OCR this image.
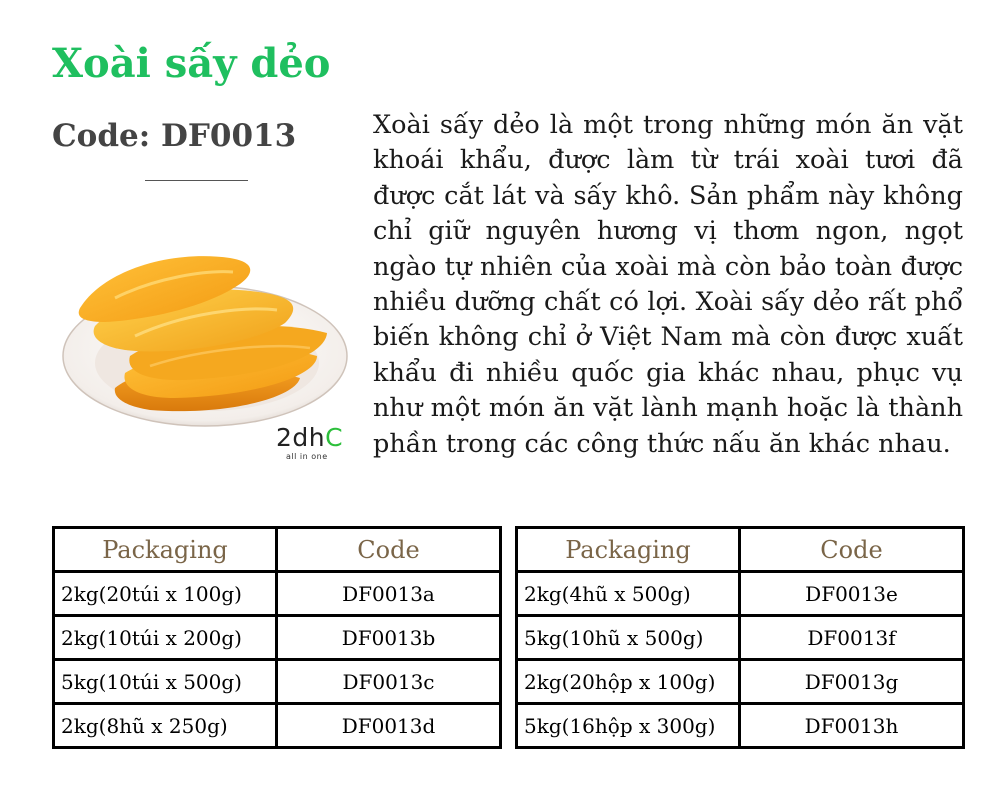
Xoài sấy dẻo
Code: DF0013
2dhC
all in one

Xoài sấy dẻo là một trong những món ăn vặt khoái khẩu, được làm từ trái xoài tươi đã được cắt lát và sấy khô. Sản phẩm này không chỉ giữ nguyên hương vị thơm ngon, ngọt ngào tự nhiên của xoài mà còn bảo toàn được nhiều dưỡng chất có lợi. Xoài sấy dẻo rất phổ biến không chỉ ở Việt Nam mà còn được xuất khẩu đi nhiều quốc gia khác nhau, phục vụ như một món ăn vặt lành mạnh hoặc là thành phần trong các công thức nấu ăn khác nhau.

Packaging	Code
2kg(20túi x 100g)	DF0013a
2kg(10túi x 200g)	DF0013b
5kg(10túi x 500g)	DF0013c
2kg(8hũ x 250g)	DF0013d
Packaging	Code
2kg(4hũ x 500g)	DF0013e
5kg(10hũ x 500g)	DF0013f
2kg(20hộp x 100g)	DF0013g
5kg(16hộp x 300g)	DF0013h
